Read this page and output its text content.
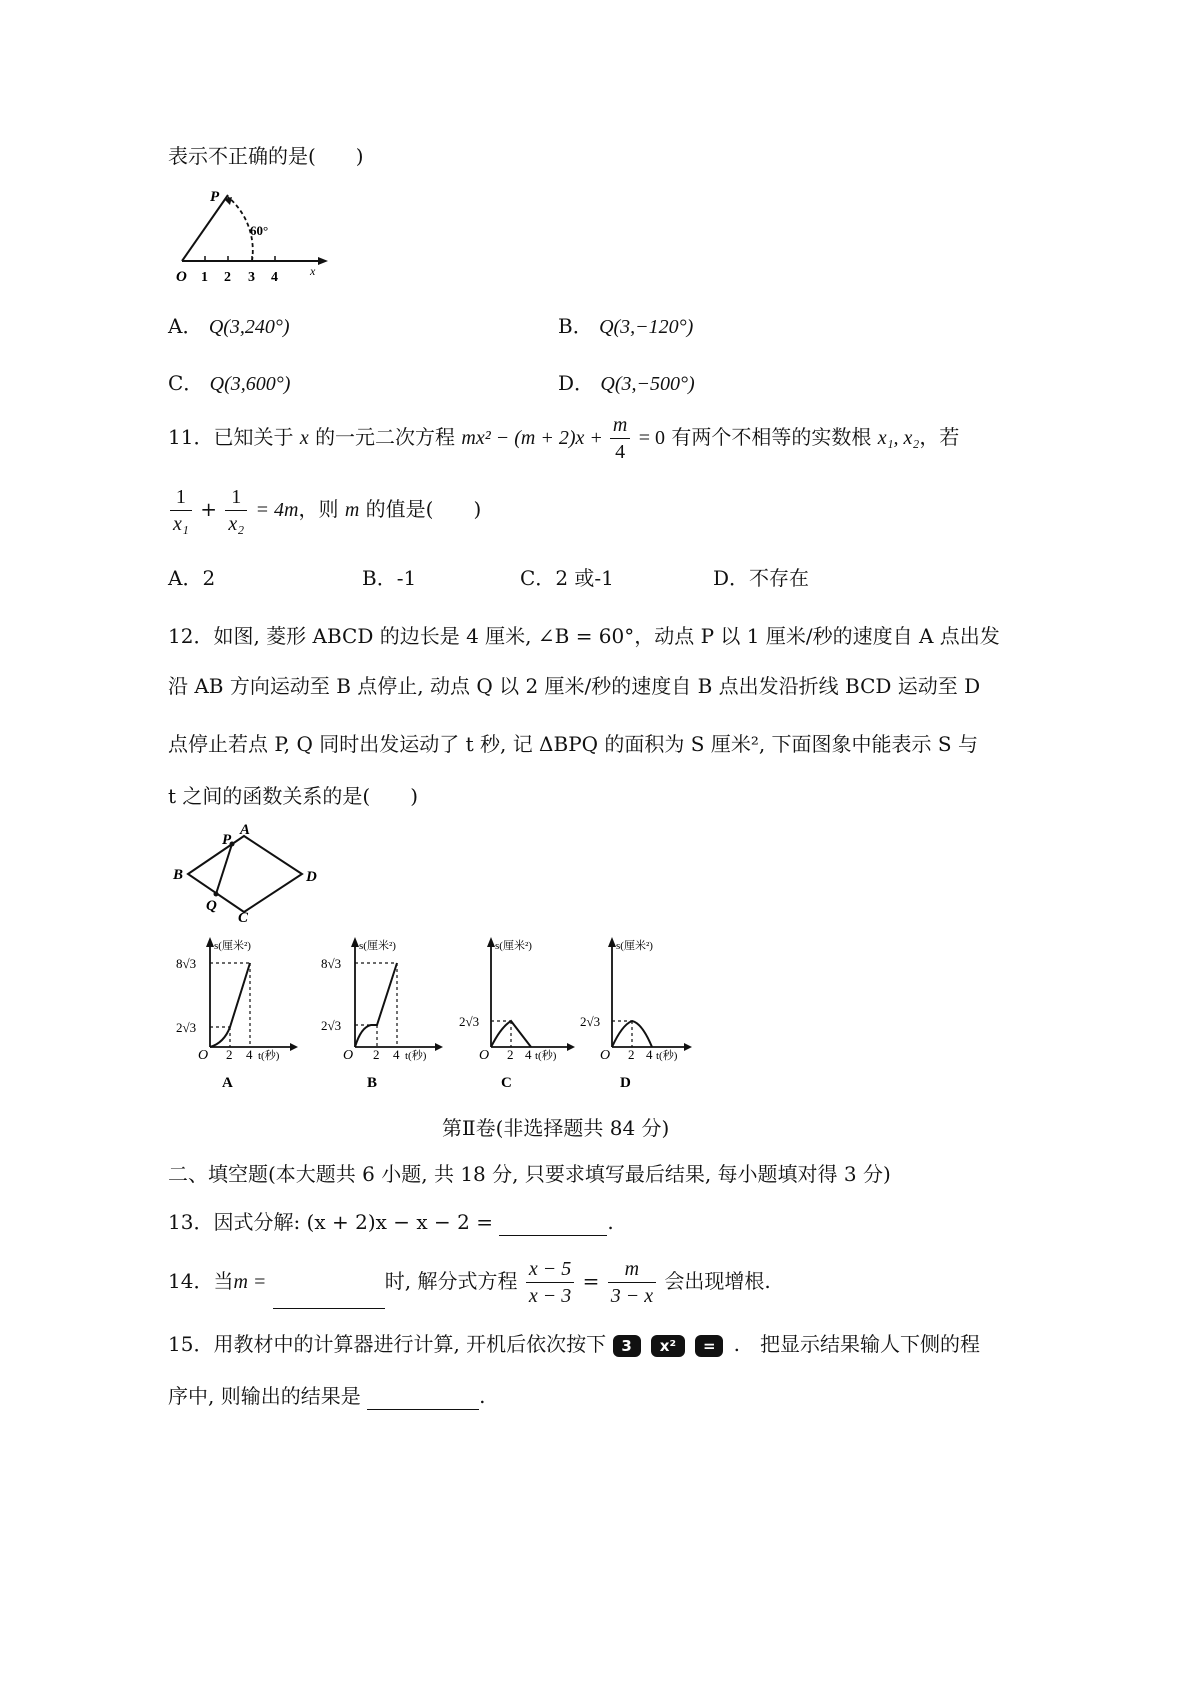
表示不正确的是(　　)
P
60°
O 1 2 3 4	x
A． Q(3,240°)	B． Q(3,−120°)
C． Q(3,600°)	D． Q(3,−500°)
11．已知关于 x 的一元二次方程 $mx^2 - (m + 2)x + \frac{m}{4} = 0$ 有两个不相等的实数根 x₁, x₂，若
$\frac{1}{\text{x₁}} + \frac{1}{\text{x₂}} = 4m$，则 m 的值是(　　)
A．2	B．-1	C．2 或-1	D．不存在
12．如图, 菱形 ABCD 的边长是 4 厘米, ∠B = 60°，动点 P 以 1 厘米/秒的速度自 A 点出发
沿 AB 方向运动至 B 点停止, 动点 Q 以 2 厘米/秒的速度自 B 点出发沿折线 BCD 运动至 D
点停止若点 P, Q 同时出发运动了 t 秒, 记 ΔBPQ 的面积为 S 厘米², 下面图象中能表示 S 与
t 之间的函数关系的是(　　)
A
B
C
D
P
Q
s(厘米²)
8√3
2√3
O 2 4 t(秒)
A
s(厘米²)
8√3
2√3
O 2 4 t(秒)
B
s(厘米²)
2√3
O 2 4 t(秒)
C
s(厘米²)
2√3
O 2 4 t(秒)
D
第Ⅱ卷(非选择题共 84 分)
二、填空题(本大题共 6 小题, 共 18 分, 只要求填写最后结果, 每小题填对得 3 分)
13．因式分解: (x + 2)x − x − 2 =	.
14．当m =	时, 解分式方程 $\frac{x - 5}{x - 3} = \frac{m}{3 - x}$ 会出现增根.
15．用教材中的计算器进行计算, 开机后依次按下 3 x² = .　把显示结果输人下侧的程
序中, 则输出的结果是	.
